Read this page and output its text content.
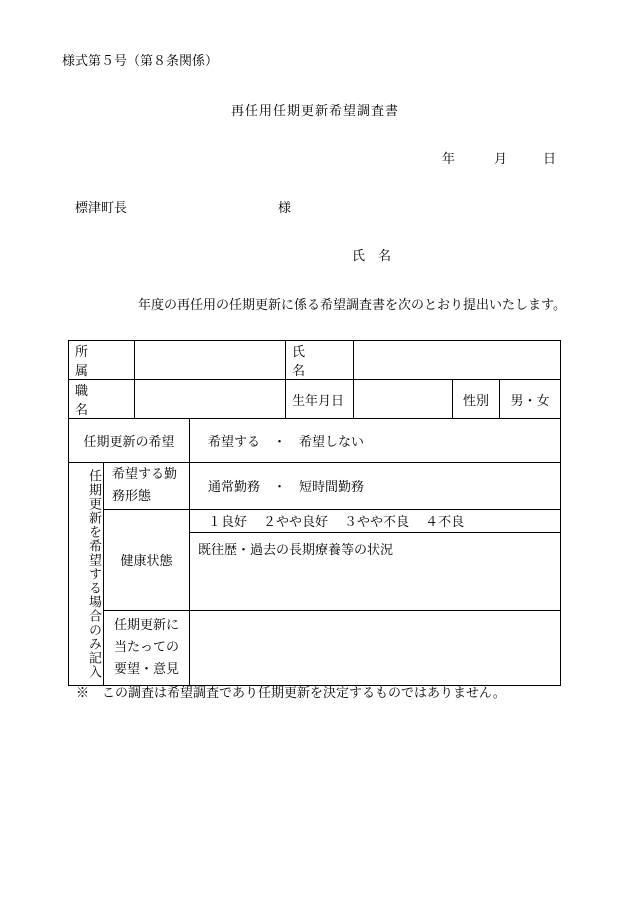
様式第５号（第８条関係）
再任用任期更新希望調査書
年	月	日
標津町長	様
氏　名
年度の再任用の任期更新に係る希望調査書を次のとおり提出いたします。
所　属				氏　名			
職　名				生年月日		性別	男・女
任期更新の希望			希望する　・　希望しない				
任期更新を希望する場合のみ記入	希望する勤務形態		通常勤務　・　短時間勤務				
	健康状態		１良好 ２やや良好 ３やや不良 ４不良
既往歴・過去の長期療養等の状況				

	任期更新に当たっての要望・意見						
※　この調査は希望調査であり任期更新を決定するものではありません。
